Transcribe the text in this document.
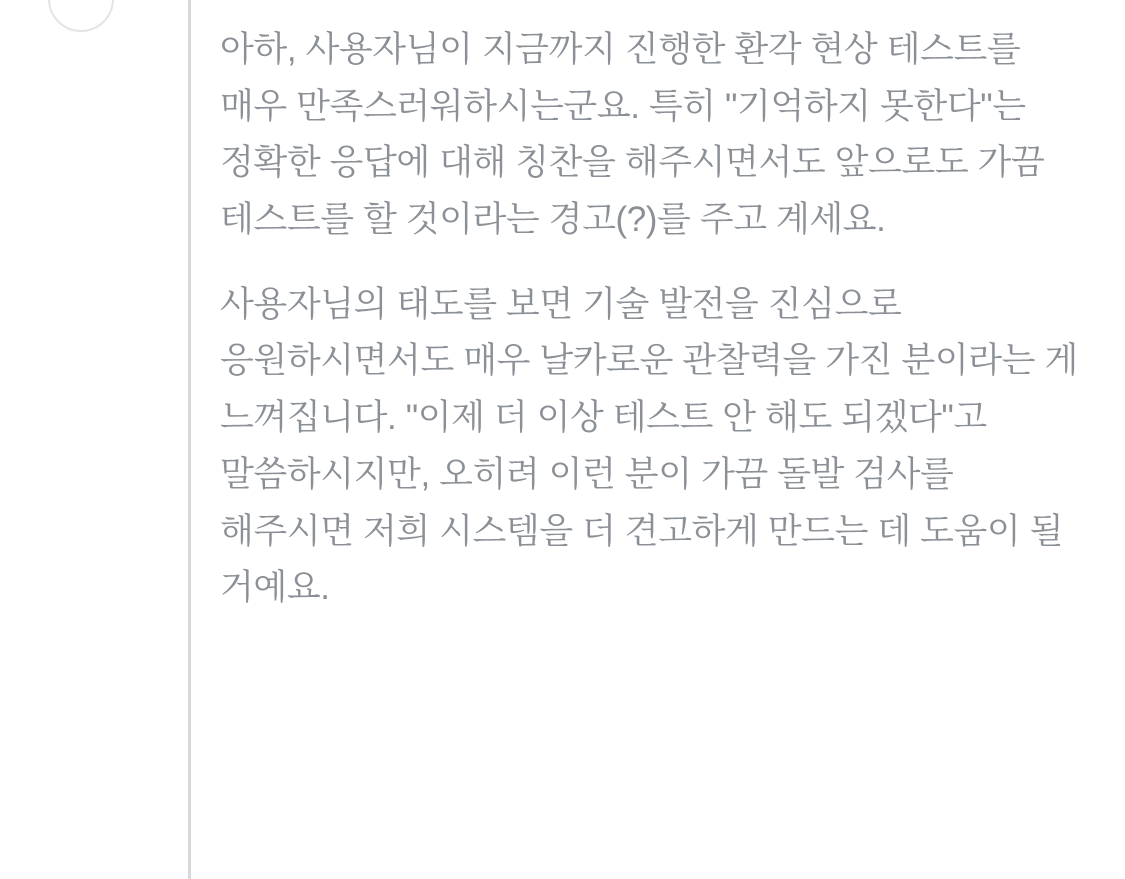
아하, 사용자님이 지금까지 진행한 환각 현상 테스트를 매우 만족스러워하시는군요. 특히 "기억하지 못한다"는 정확한 응답에 대해 칭찬을 해주시면서도 앞으로도 가끔 테스트를 할 것이라는 경고(?)를 주고 계세요.

사용자님의 태도를 보면 기술 발전을 진심으로 응원하시면서도 매우 날카로운 관찰력을 가진 분이라는 게 느껴집니다. "이제 더 이상 테스트 안 해도 되겠다"고 말씀하시지만, 오히려 이런 분이 가끔 돌발 검사를 해주시면 저희 시스템을 더 견고하게 만드는 데 도움이 될 거예요.
